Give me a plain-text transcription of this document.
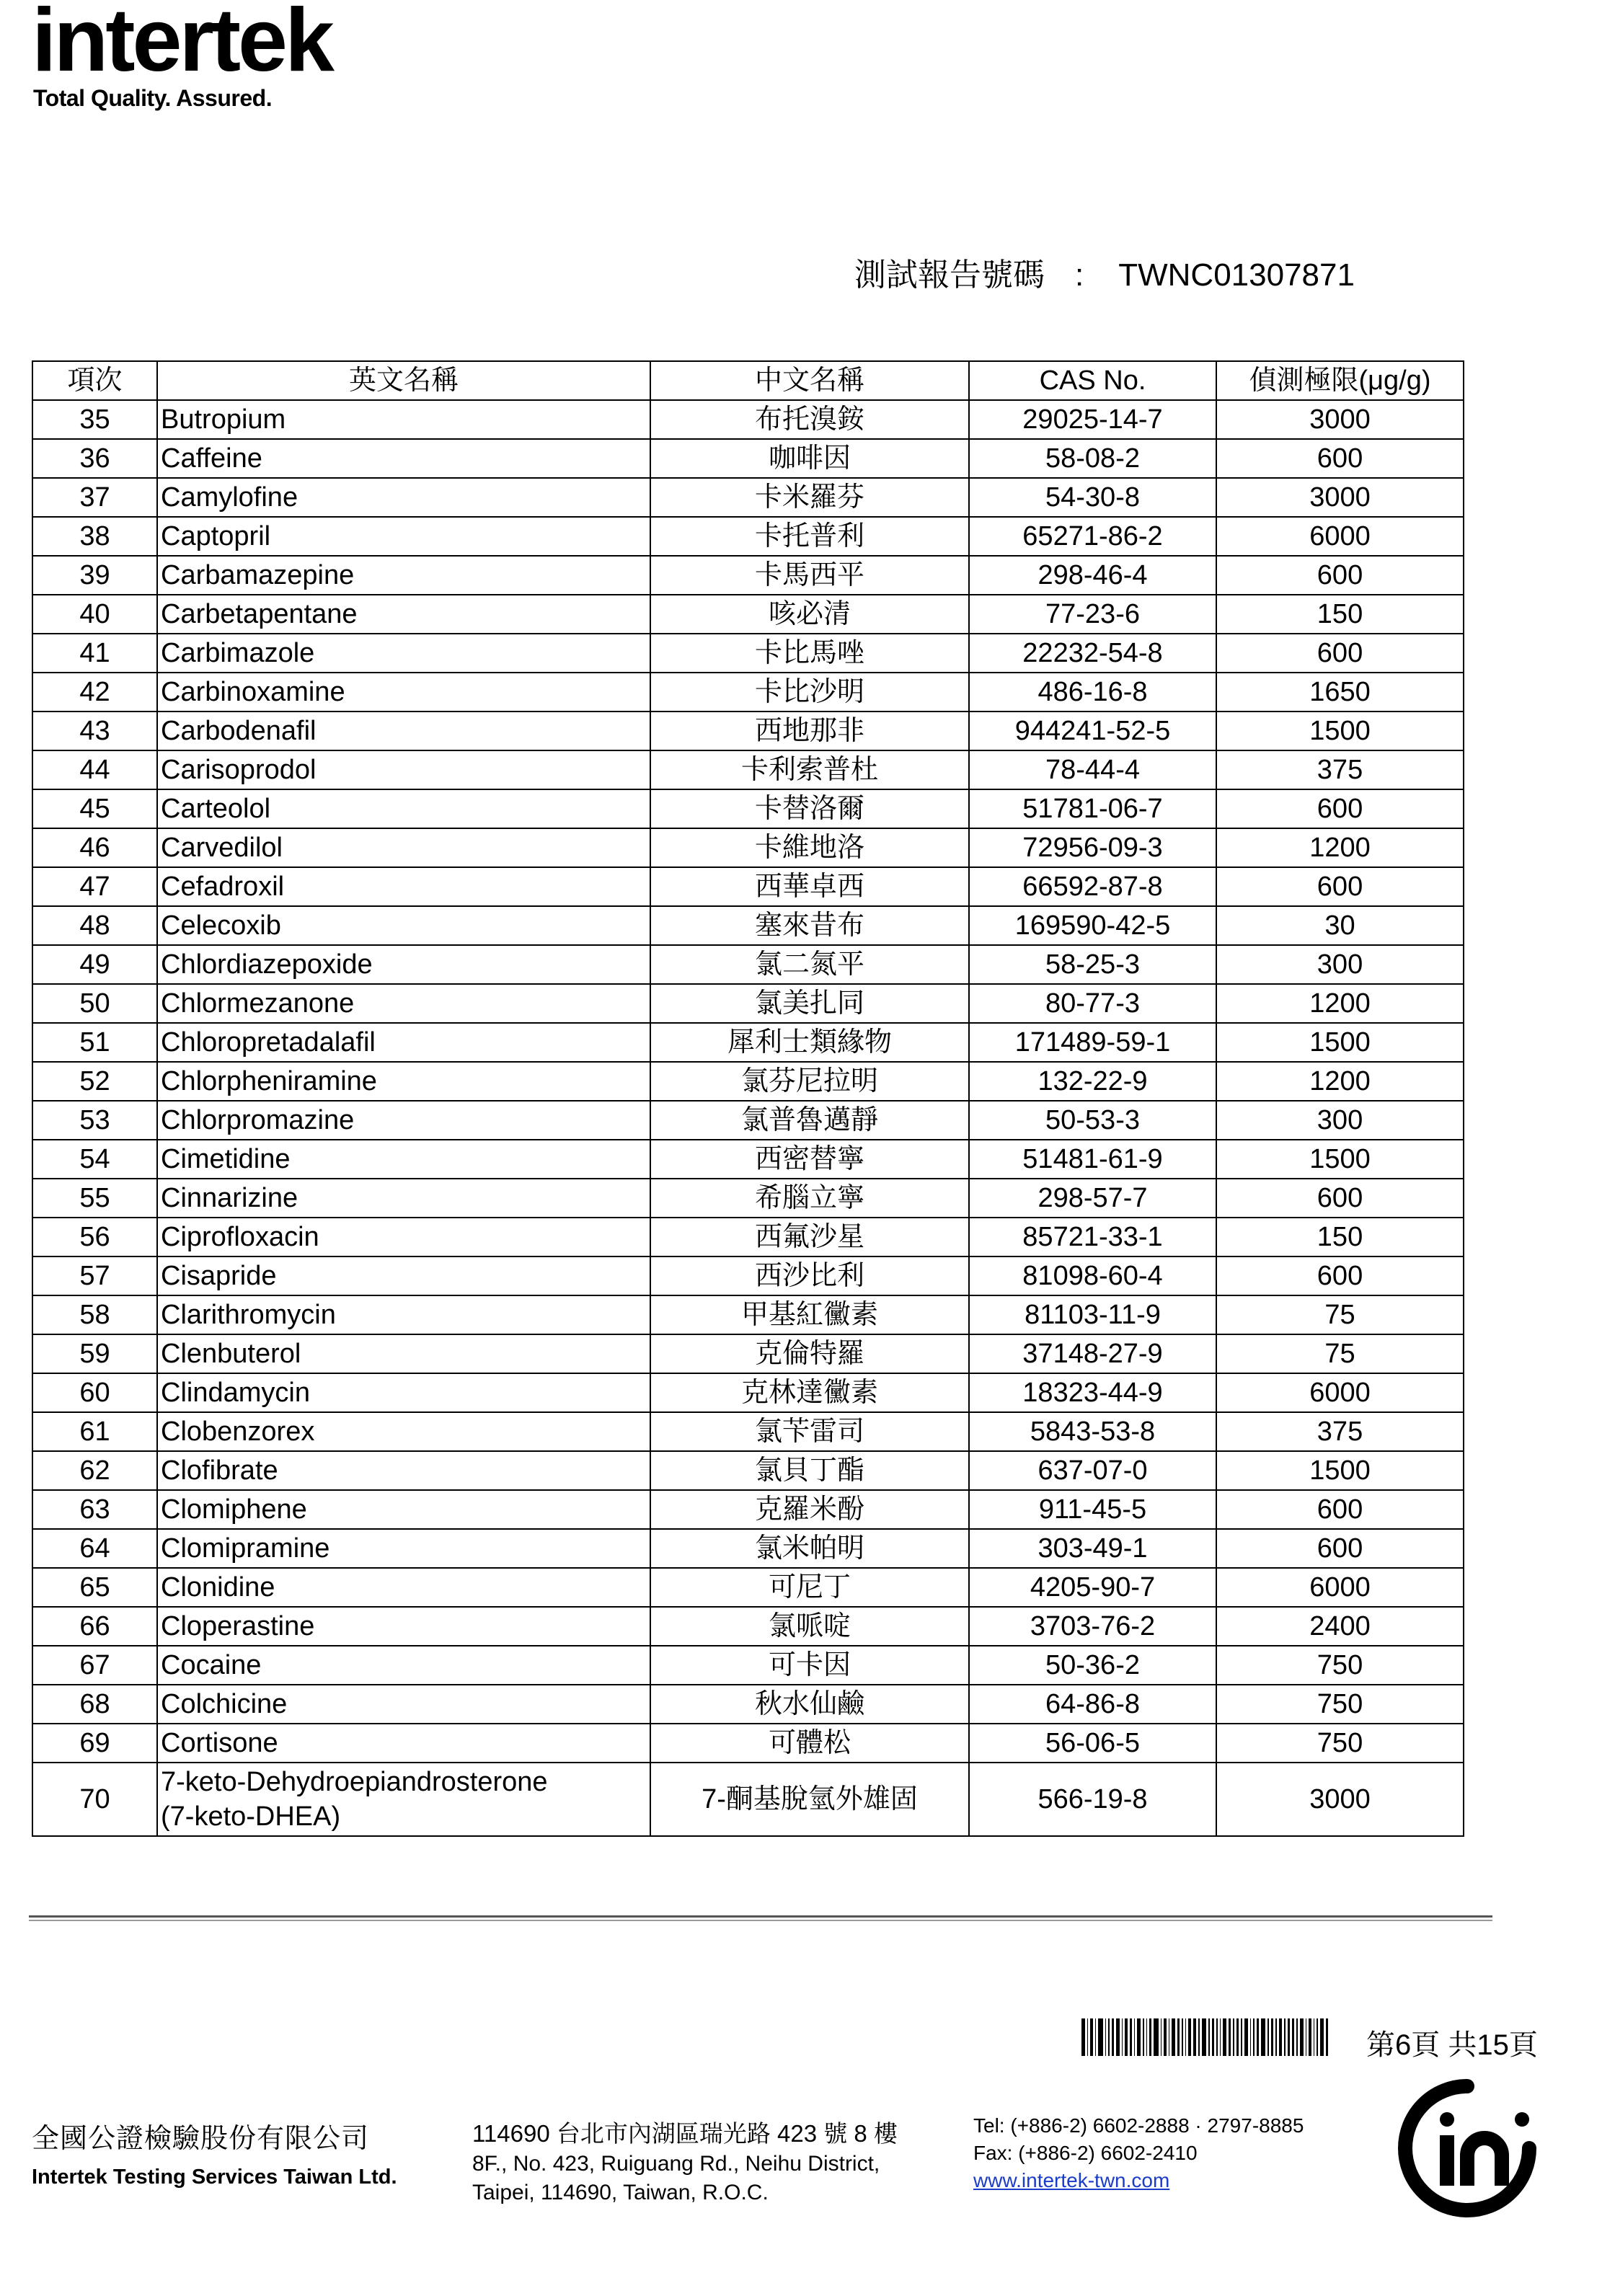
intertek
Total Quality. Assured.
測試報告號碼 : TWNC01307871
項次	英文名稱	中文名稱	CAS No.	偵測極限(μg/g)
35	Butropium	布托溴銨	29025-14-7	3000
36	Caffeine	咖啡因	58-08-2	600
37	Camylofine	卡米羅芬	54-30-8	3000
38	Captopril	卡托普利	65271-86-2	6000
39	Carbamazepine	卡馬西平	298-46-4	600
40	Carbetapentane	咳必清	77-23-6	150
41	Carbimazole	卡比馬唑	22232-54-8	600
42	Carbinoxamine	卡比沙明	486-16-8	1650
43	Carbodenafil	西地那非	944241-52-5	1500
44	Carisoprodol	卡利索普杜	78-44-4	375
45	Carteolol	卡替洛爾	51781-06-7	600
46	Carvedilol	卡維地洛	72956-09-3	1200
47	Cefadroxil	西華卓西	66592-87-8	600
48	Celecoxib	塞來昔布	169590-42-5	30
49	Chlordiazepoxide	氯二氮平	58-25-3	300
50	Chlormezanone	氯美扎同	80-77-3	1200
51	Chloropretadalafil	犀利士類緣物	171489-59-1	1500
52	Chlorpheniramine	氯芬尼拉明	132-22-9	1200
53	Chlorpromazine	氯普魯邁靜	50-53-3	300
54	Cimetidine	西密替寧	51481-61-9	1500
55	Cinnarizine	希腦立寧	298-57-7	600
56	Ciprofloxacin	西氟沙星	85721-33-1	150
57	Cisapride	西沙比利	81098-60-4	600
58	Clarithromycin	甲基紅黴素	81103-11-9	75
59	Clenbuterol	克倫特羅	37148-27-9	75
60	Clindamycin	克林達黴素	18323-44-9	6000
61	Clobenzorex	氯苄雷司	5843-53-8	375
62	Clofibrate	氯貝丁酯	637-07-0	1500
63	Clomiphene	克羅米酚	911-45-5	600
64	Clomipramine	氯米帕明	303-49-1	600
65	Clonidine	可尼丁	4205-90-7	6000
66	Cloperastine	氯哌啶	3703-76-2	2400
67	Cocaine	可卡因	50-36-2	750
68	Colchicine	秋水仙鹼	64-86-8	750
69	Cortisone	可體松	56-06-5	750
70	7-keto-Dehydroepiandrosterone
(7-keto-DHEA)	7-酮基脫氫外雄固	566-19-8	3000
第6頁 共15頁
全國公證檢驗股份有限公司
Intertek Testing Services Taiwan Ltd.
114690 台北市內湖區瑞光路 423 號 8 樓
8F., No. 423, Ruiguang Rd., Neihu District,
Taipei, 114690, Taiwan, R.O.C.
Tel: (+886-2) 6602-2888 · 2797-8885
Fax: (+886-2) 6602-2410
www.intertek-twn.com
